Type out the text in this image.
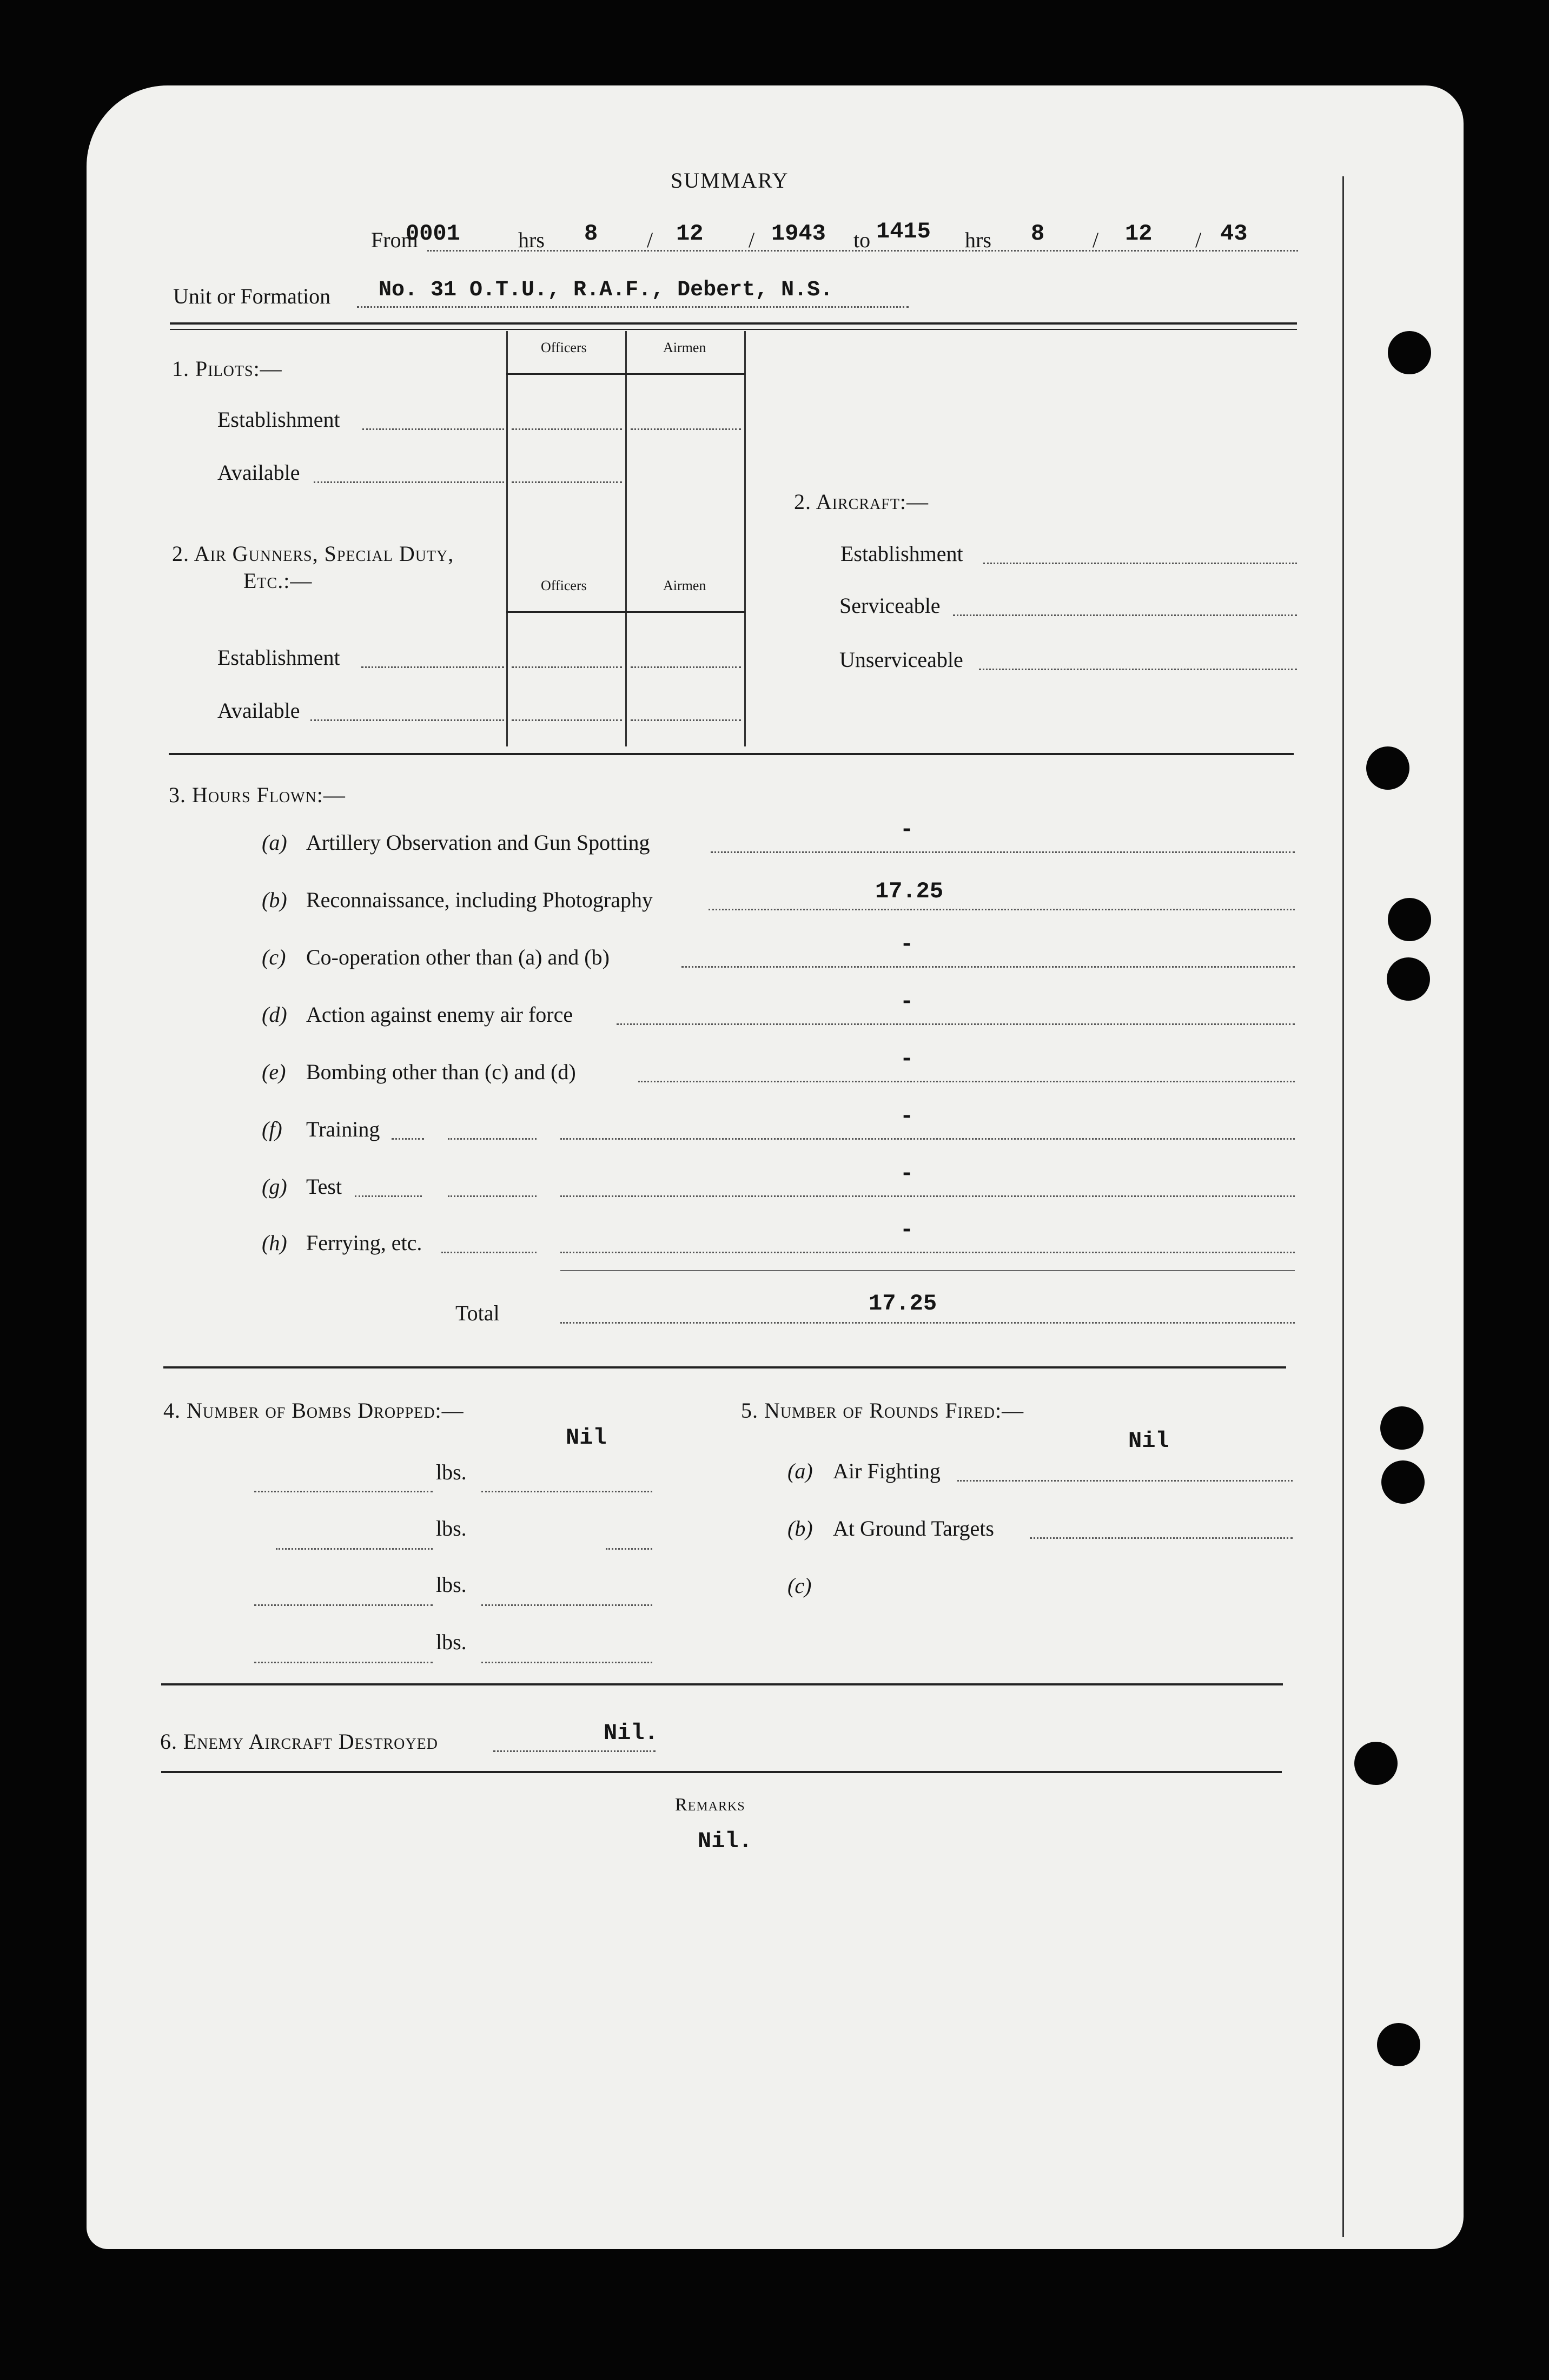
SUMMARY
From
0001	hrs 8 / 12 / 1943 to 1415 hrs 8 / 12 / 43
Unit or Formation No. 31 O.T.U., R.A.F., Debert, N.S.
Officers	Airmen
1. Pilots:—
Establishment
Available
2. Air Gunners, Special Duty,
Etc.:—	Officers	Airmen
Establishment
Available
2. Aircraft:—
Establishment
Serviceable
Unserviceable
3. Hours Flown:—
(a) Artillery Observation and Gun Spotting	-
(b) Reconnaissance, including Photography	17.25
(c) Co-operation other than (a) and (b)	-
(d) Action against enemy air force	-
(e) Bombing other than (c) and (d)	-
(f) Training	-
(g) Test	-
(h) Ferrying, etc.	-
Total	17.25
4. Number of Bombs Dropped:—
Nil
lbs.
lbs.
lbs.
lbs.
5. Number of Rounds Fired:—
Nil
(a) Air Fighting
(b) At Ground Targets
(c)
6. Enemy Aircraft Destroyed	Nil.
Remarks
Nil.
